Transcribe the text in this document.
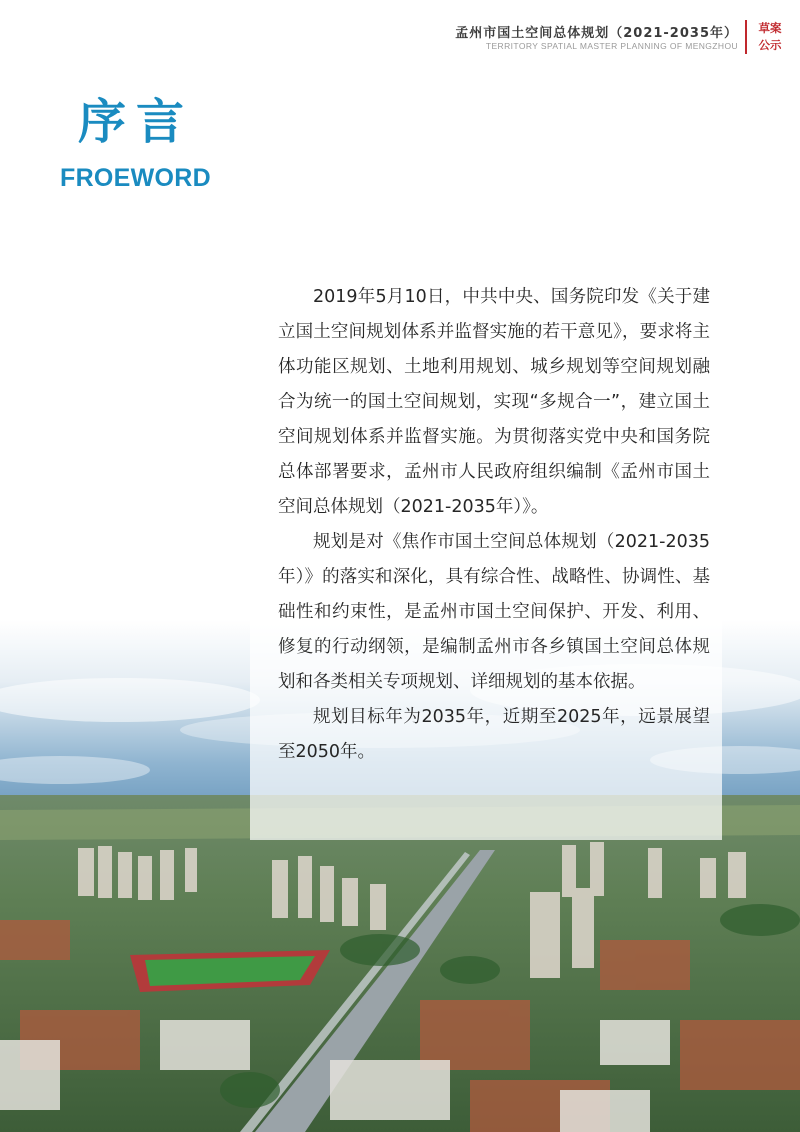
孟州市国土空间总体规划（2021-2035年）
TERRITORY SPATIAL MASTER PLANNING OF MENGZHOU
草案
公示
序言
FROEWORD

2019年5月10日，中共中央、国务院印发《关于建立国土空间规划体系并监督实施的若干意见》，要求将主体功能区规划、土地利用规划、城乡规划等空间规划融合为统一的国土空间规划，实现“多规合一”，建立国土空间规划体系并监督实施。为贯彻落实党中央和国务院总体部署要求，孟州市人民政府组织编制《孟州市国土空间总体规划（2021-2035年）》。

规划是对《焦作市国土空间总体规划（2021-2035年）》的落实和深化，具有综合性、战略性、协调性、基础性和约束性，是孟州市国土空间保护、开发、利用、修复的行动纲领，是编制孟州市各乡镇国土空间总体规划和各类相关专项规划、详细规划的基本依据。

规划目标年为2035年，近期至2025年，远景展望至2050年。
